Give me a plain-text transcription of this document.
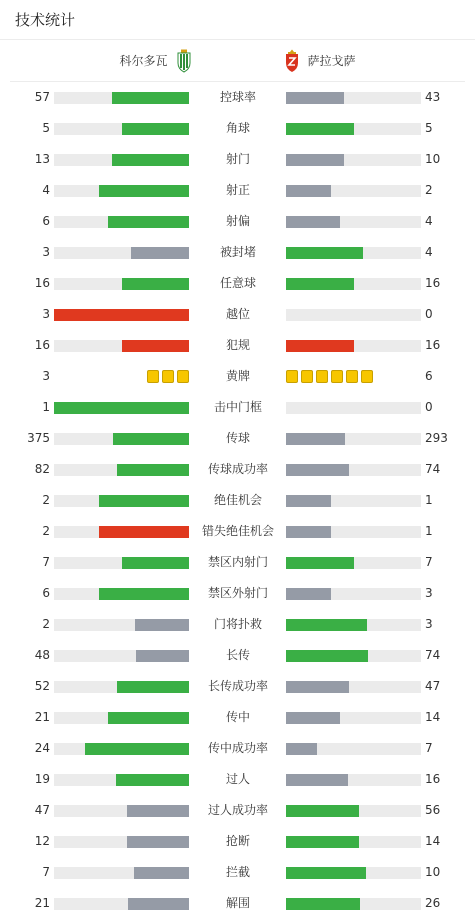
技术统计
科尔多瓦	萨拉戈萨
57	控球率	43
5	角球	5
13	射门	10
4	射正	2
6	射偏	4
3	被封堵	4
16	任意球	16
3	越位	0
16	犯规	16
3	黄牌	6
1	击中门框	0
375	传球	293
82	传球成功率	74
2	绝佳机会	1
2	错失绝佳机会	1
7	禁区内射门	7
6	禁区外射门	3
2	门将扑救	3
48	长传	74
52	长传成功率	47
21	传中	14
24	传中成功率	7
19	过人	16
47	过人成功率	56
12	抢断	14
7	拦截	10
21	解围	26
